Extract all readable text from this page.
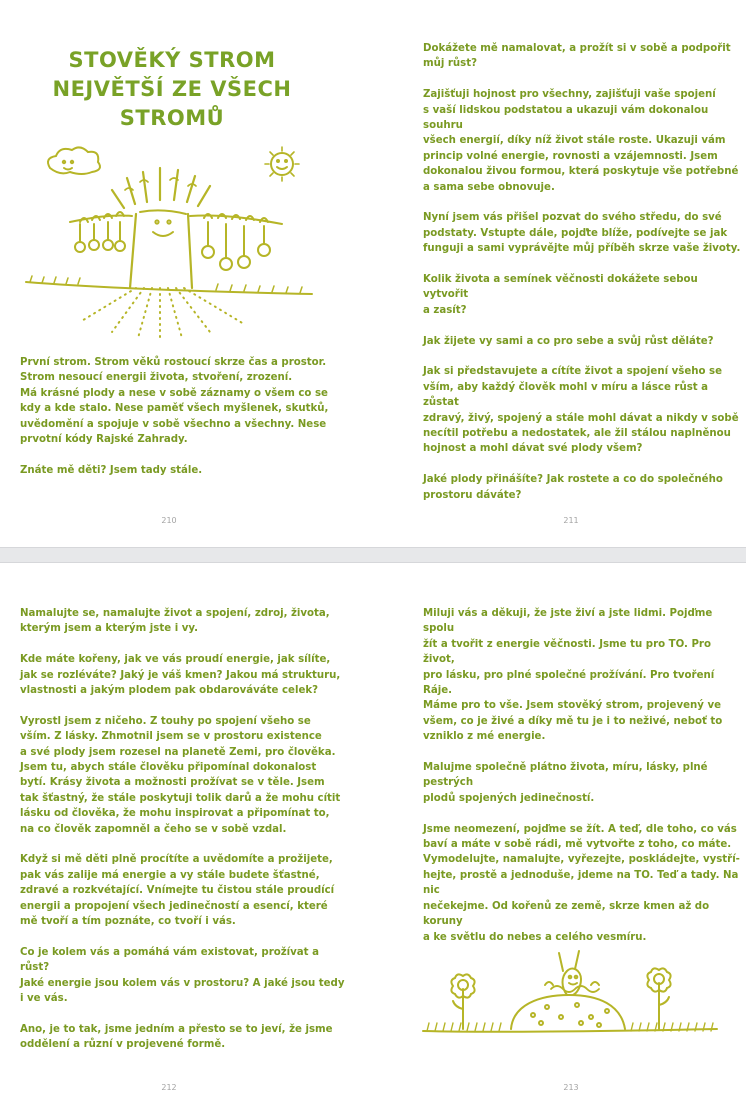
STOVĚKÝ STROM
NEJVĚTŠÍ ZE VŠECH
STROMŮ

První strom. Strom věků rostoucí skrze čas a prostor.
Strom nesoucí energii života, stvoření, zrození.
Má krásné plody a nese v sobě záznamy o všem co se
kdy a kde stalo. Nese paměť všech myšlenek, skutků,
uvědomění a spojuje v sobě všechno a všechny. Nese
prvotní kódy Rajské Zahrady.

Znáte mě děti? Jsem tady stále.

210

Dokážete mě namalovat, a prožít si v sobě a podpořit
můj růst?

Zajišťuji hojnost pro všechny, zajišťuji vaše spojení
s vaší lidskou podstatou a ukazuji vám dokonalou souhru
všech energií, díky níž život stále roste. Ukazuji vám
princip volné energie, rovnosti a vzájemnosti. Jsem
dokonalou živou formou, která poskytuje vše potřebné
a sama sebe obnovuje.

Nyní jsem vás přišel pozvat do svého středu, do své
podstaty. Vstupte dále, pojďte blíže, podívejte se jak
funguji a sami vyprávějte můj příběh skrze vaše životy.

Kolik života a semínek věčnosti dokážete sebou vytvořit
a zasít?

Jak žijete vy sami a co pro sebe a svůj růst děláte?

Jak si představujete a cítíte život a spojení všeho se
vším, aby každý člověk mohl v míru a lásce růst a zůstat
zdravý, živý, spojený a stále mohl dávat a nikdy v sobě
necítil potřebu a nedostatek, ale žil stálou naplněnou
hojnost a mohl dávat své plody všem?

Jaké plody přinášíte? Jak rostete a co do společného
prostoru dáváte?

211

Namalujte se, namalujte život a spojení, zdroj, života,
kterým jsem a kterým jste i vy.

Kde máte kořeny, jak ve vás proudí energie, jak sílíte,
jak se rozléváte? Jaký je váš kmen? Jakou má strukturu,
vlastnosti a jakým plodem pak obdarováváte celek?

Vyrostl jsem z ničeho. Z touhy po spojení všeho se
vším. Z lásky. Zhmotnil jsem se v prostoru existence
a své plody jsem rozesel na planetě Zemi, pro člověka.
Jsem tu, abych stále člověku připomínal dokonalost
bytí. Krásy života a možnosti prožívat se v těle. Jsem
tak šťastný, že stále poskytuji tolik darů a že mohu cítit
lásku od člověka, že mohu inspirovat a připomínat to,
na co člověk zapomněl a čeho se v sobě vzdal.

Když si mě děti plně procítíte a uvědomíte a prožijete,
pak vás zalije má energie a vy stále budete šťastné,
zdravé a rozkvétající. Vnímejte tu čistou stále proudící
energii a propojení všech jedinečností a esencí, které
mě tvoří a tím poznáte, co tvoří i vás.

Co je kolem vás a pomáhá vám existovat, prožívat a růst?
Jaké energie jsou kolem vás v prostoru? A jaké jsou tedy
i ve vás.

Ano, je to tak, jsme jedním a přesto se to jeví, že jsme
oddělení a různí v projevené formě.

212

Miluji vás a děkuji, že jste živí a jste lidmi. Pojďme spolu
žít a tvořit z energie věčnosti. Jsme tu pro TO. Pro život,
pro lásku, pro plné společné prožívání. Pro tvoření Ráje.
Máme pro to vše. Jsem stověký strom, projevený ve
všem, co je živé a díky mě tu je i to neživé, neboť to
vzniklo z mé energie.

Malujme společně plátno života, míru, lásky, plné pestrých
plodů spojených jedinečností.

Jsme neomezení, pojďme se žít. A teď, dle toho, co vás
baví a máte v sobě rádi, mě vytvořte z toho, co máte.
Vymodelujte, namalujte, vyřezejte, poskládejte, vystří-
hejte, prostě a jednoduše, jdeme na TO. Teď a tady. Na nic
nečekejme. Od kořenů ze země, skrze kmen až do koruny
a ke světlu do nebes a celého vesmíru.

213
